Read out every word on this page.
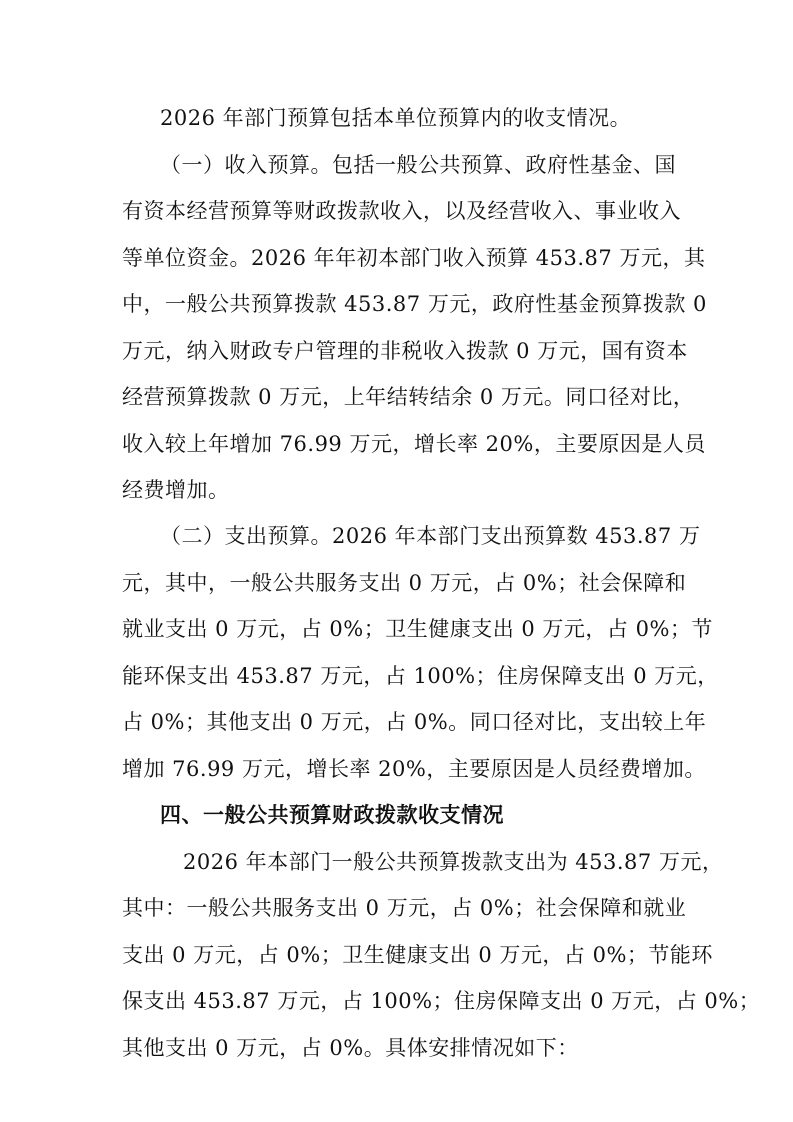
2026 年部门预算包括本单位预算内的收支情况。
（一）收入预算。包括一般公共预算、政府性基金、国
有资本经营预算等财政拨款收入，以及经营收入、事业收入
等单位资金。2026 年年初本部门收入预算 453.87 万元，其
中，一般公共预算拨款 453.87 万元，政府性基金预算拨款 0
万元，纳入财政专户管理的非税收入拨款 0 万元，国有资本
经营预算拨款 0 万元，上年结转结余 0 万元。同口径对比，
收入较上年增加 76.99 万元，增长率 20%，主要原因是人员
经费增加。
（二）支出预算。2026 年本部门支出预算数 453.87 万
元，其中，一般公共服务支出 0 万元，占 0%；社会保障和
就业支出 0 万元，占 0%；卫生健康支出 0 万元，占 0%；节
能环保支出 453.87 万元，占 100%；住房保障支出 0 万元，
占 0%；其他支出 0 万元，占 0%。同口径对比，支出较上年
增加 76.99 万元，增长率 20%，主要原因是人员经费增加。
四、一般公共预算财政拨款收支情况
2026 年本部门一般公共预算拨款支出为 453.87 万元，
其中：一般公共服务支出 0 万元，占 0%；社会保障和就业
支出 0 万元，占 0%；卫生健康支出 0 万元，占 0%；节能环
保支出 453.87 万元，占 100%；住房保障支出 0 万元，占 0%；
其他支出 0 万元，占 0%。具体安排情况如下：
